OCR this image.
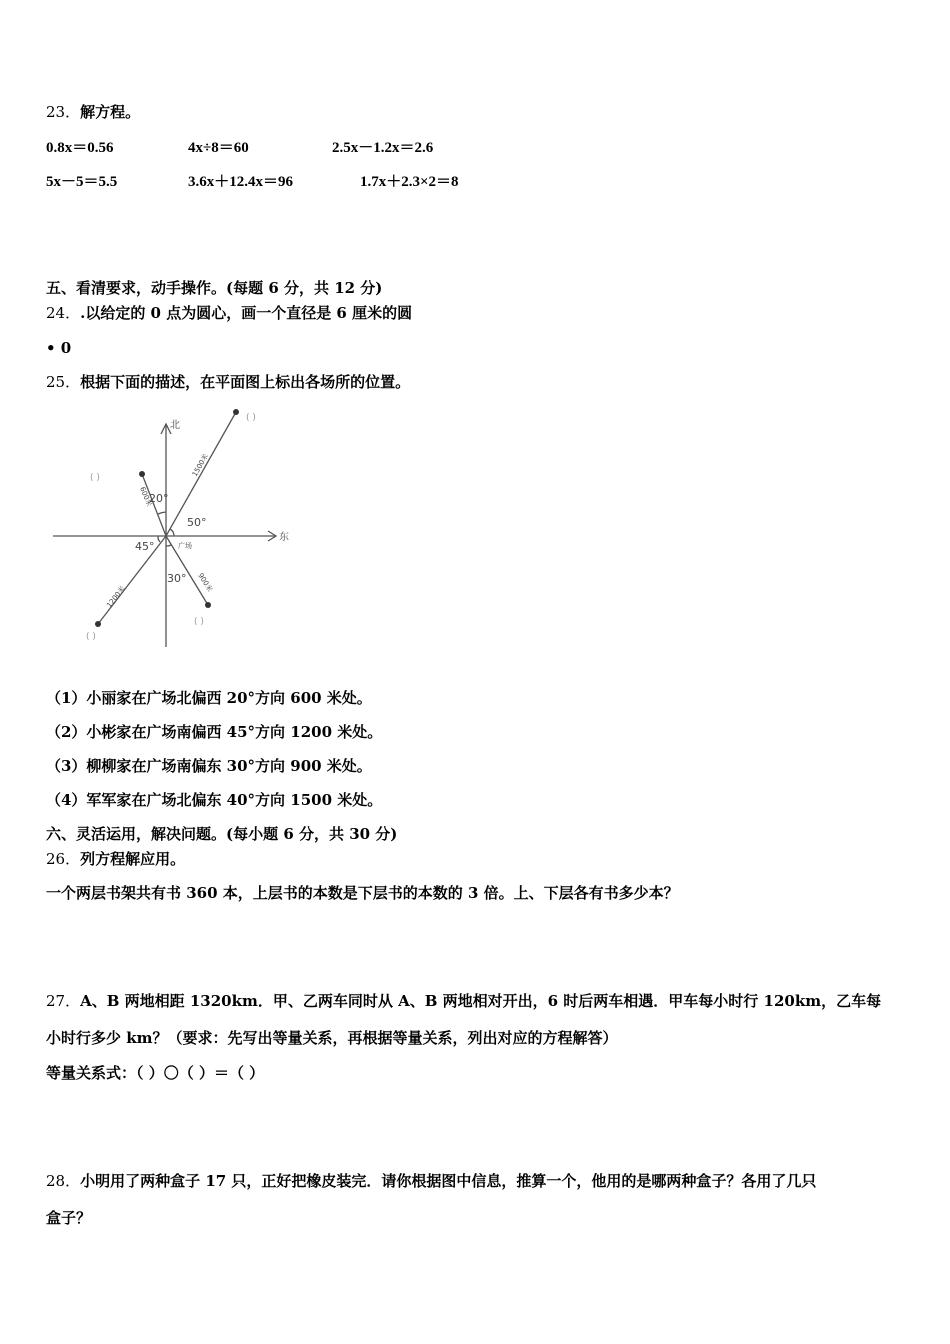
23．解方程。
0.8x＝0.56	4x÷8＝60	2.5x－1.2x＝2.6
5x－5＝5.5	3.6x＋12.4x＝96	1.7x＋2.3×2＝8
五、看清要求，动手操作。(每题 6 分，共 12 分)
24．.以给定的 0 点为圆心，画一个直径是 6 厘米的圆
• 0
25．根据下面的描述，在平面图上标出各场所的位置。
北
东
广场
20°
50°
45°
30°
1500米
600米
1200米
900米
( )
( )
( )
( )
（1）小丽家在广场北偏西 20°方向 600 米处。
（2）小彬家在广场南偏西 45°方向 1200 米处。
（3）柳柳家在广场南偏东 30°方向 900 米处。
（4）军军家在广场北偏东 40°方向 1500 米处。
六、灵活运用，解决问题。(每小题 6 分，共 30 分)
26．列方程解应用。
一个两层书架共有书 360 本，上层书的本数是下层书的本数的 3 倍。上、下层各有书多少本？
27．A、B 两地相距 1320km．甲、乙两车同时从 A、B 两地相对开出，6 时后两车相遇．甲车每小时行 120km，乙车每
小时行多少 km？（要求：先写出等量关系，再根据等量关系，列出对应的方程解答）
等量关系式：（ ）〇（ ）＝（ ）
28．小明用了两种盒子 17 只，正好把橡皮装完．请你根据图中信息，推算一个，他用的是哪两种盒子？各用了几只
盒子？
